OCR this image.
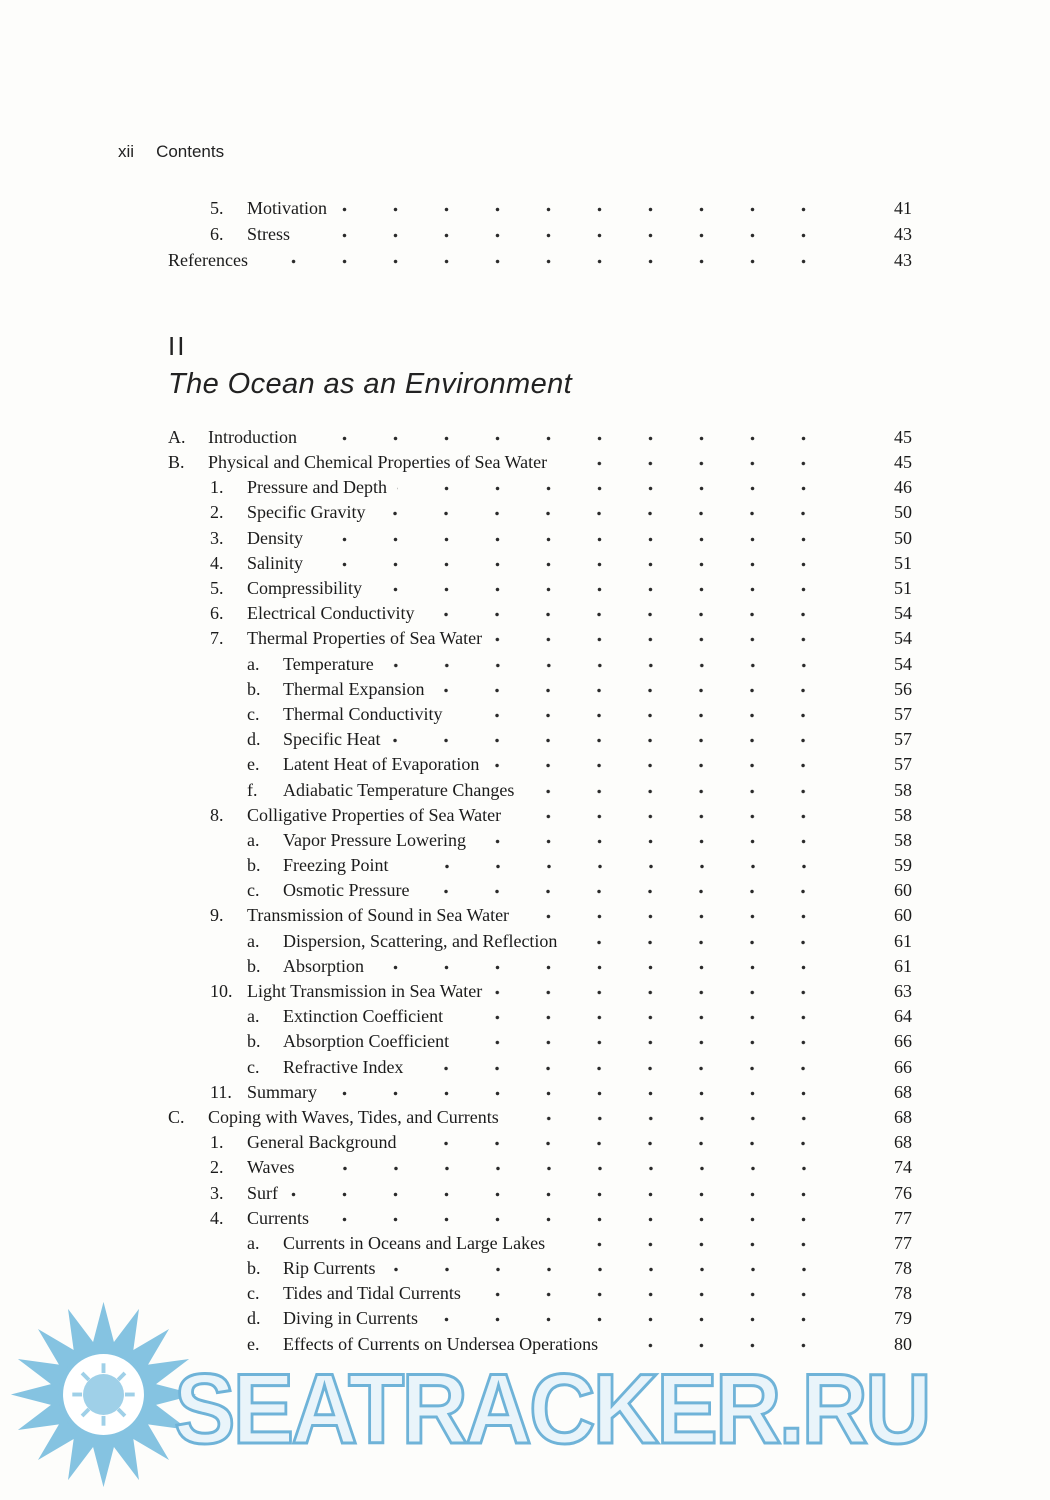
xii Contents
5.	Motivation	41
6.	Stress	43
References	43
II
The Ocean as an Environment
A.	Introduction	45
B.	Physical and Chemical Properties of Sea Water	45
1.	Pressure and Depth	46
2.	Specific Gravity	50
3.	Density	50
4.	Salinity	51
5.	Compressibility	51
6.	Electrical Conductivity	54
7.	Thermal Properties of Sea Water	54
a.	Temperature	54
b.	Thermal Expansion	56
c.	Thermal Conductivity	57
d.	Specific Heat	57
e.	Latent Heat of Evaporation	57
f.	Adiabatic Temperature Changes	58
8.	Colligative Properties of Sea Water	58
a.	Vapor Pressure Lowering	58
b.	Freezing Point	59
c.	Osmotic Pressure	60
9.	Transmission of Sound in Sea Water	60
a.	Dispersion, Scattering, and Reflection	61
b.	Absorption	61
10. Light Transmission in Sea Water	63
a.	Extinction Coefficient	64
b.	Absorption Coefficient	66
c.	Refractive Index	66
11. Summary	68
C.	Coping with Waves, Tides, and Currents	68
1.	General Background	68
2.	Waves	74
3.	Surf	76
4.	Currents	77
a.	Currents in Oceans and Large Lakes	77
b.	Rip Currents	78
c.	Tides and Tidal Currents	78
d.	Diving in Currents	79
e.	Effects of Currents on Undersea Operations	80
SEATRACKER.RU
